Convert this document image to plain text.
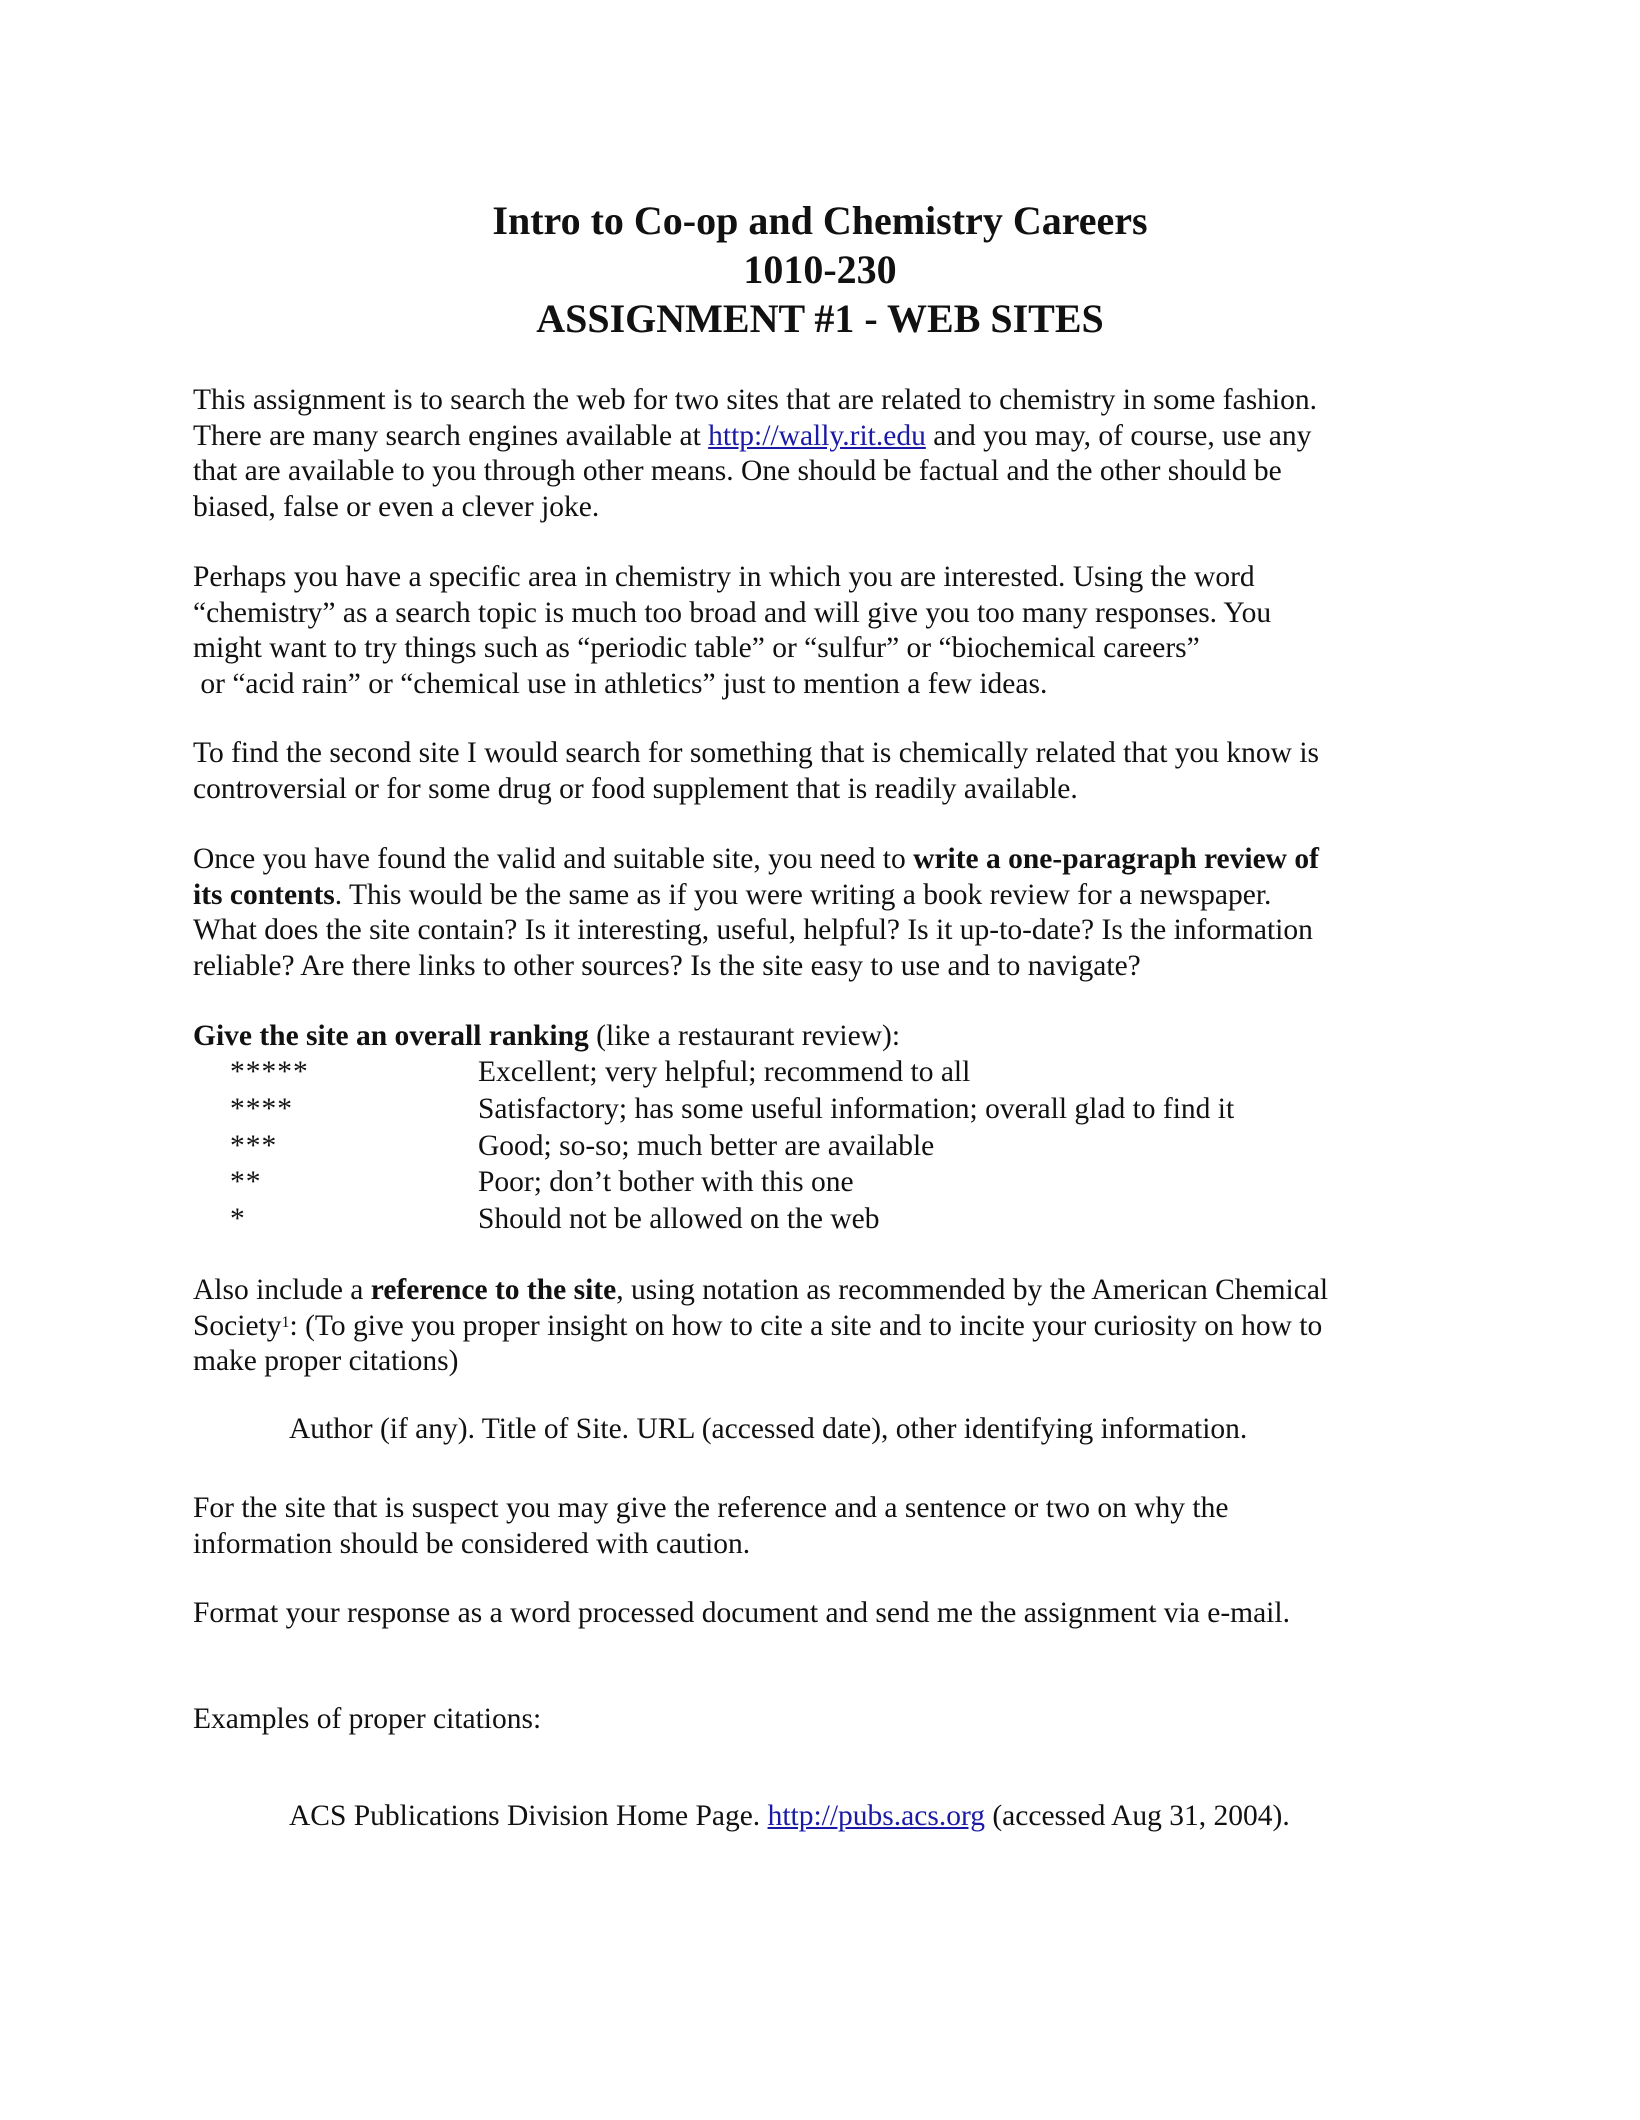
Intro to Co-op and Chemistry Careers
1010-230
ASSIGNMENT #1 - WEB SITES
This assignment is to search the web for two sites that are related to chemistry in some fashion.
There are many search engines available at http://wally.rit.edu and you may, of course, use any
that are available to you through other means. One should be factual and the other should be
biased, false or even a clever joke.
Perhaps you have a specific area in chemistry in which you are interested. Using the word
“chemistry” as a search topic is much too broad and will give you too many responses. You
might want to try things such as “periodic table” or “sulfur” or “biochemical careers”
or “acid rain” or “chemical use in athletics” just to mention a few ideas.
To find the second site I would search for something that is chemically related that you know is
controversial or for some drug or food supplement that is readily available.
Once you have found the valid and suitable site, you need to write a one-paragraph review of
its contents. This would be the same as if you were writing a book review for a newspaper.
What does the site contain? Is it interesting, useful, helpful? Is it up-to-date? Is the information
reliable? Are there links to other sources? Is the site easy to use and to navigate?
Give the site an overall ranking (like a restaurant review):
*****	Excellent; very helpful; recommend to all
****	Satisfactory; has some useful information; overall glad to find it
***	Good; so-so; much better are available
**	Poor; don’t bother with this one
*	Should not be allowed on the web
Also include a reference to the site, using notation as recommended by the American Chemical
Society$^1$: (To give you proper insight on how to cite a site and to incite your curiosity on how to
make proper citations)
Author (if any). Title of Site. URL (accessed date), other identifying information.
For the site that is suspect you may give the reference and a sentence or two on why the
information should be considered with caution.
Format your response as a word processed document and send me the assignment via e-mail.
Examples of proper citations:
ACS Publications Division Home Page. http://pubs.acs.org (accessed Aug 31, 2004).
